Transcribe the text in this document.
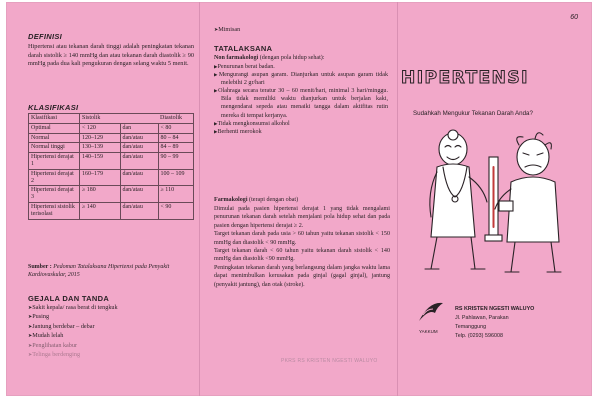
DEFINISI
Hipertensi atau tekanan darah tinggi adalah peningkatan tekanan darah sistolik ≥ 140 mmHg dan atau tekanan darah diastolik ≥ 90 mmHg pada dua kali pengukuran dengan selang waktu 5 menit.
KLASIFIKASI
Klasifikasi	Sistolik		Diastolik
Optimal	< 120	dan	< 80
Normal	120–129	dan/atau	80 – 84
Normal tinggi	130–139	dan/atau	84 – 89
Hipertensi derajat 1	140–159	dan/atau	90 – 99
Hipertensi derajat 2	160–179	dan/atau	100 – 109
Hipertensi derajat 3	≥ 180	dan/atau	≥ 110
Hipertensi sistolik terisolasi	≥ 140	dan/atau	< 90
Sumber : Pedoman Tatalaksana Hipertensi pada Penyakit Kardiovaskular, 2015
GEJALA DAN TANDA
➤ Sakit kepala/ rasa berat di tengkuk
➤ Pusing
➤ Jantung berdebar – debar
➤ Mudah lelah
➤ Penglihatan kabur
➤ Telinga berdenging
➤ Mimisan
TATALAKSANA
Non farmakologi (dengan pola hidup sehat):
▶ Penurunan berat badan.
▶ Mengurangi asupan garam. Dianjurkan untuk asupan garam tidak melebihi 2 gr/hari
▶ Olahraga secara teratur 30 – 60 menit/hari, minimal 3 hari/minggu. Bila tidak memiliki waktu dianjurkan untuk berjalan kaki, mengendarai sepeda atau menaiki tangga dalam aktifitas rutin mereka di tempat kerjanya.
▶ Tidak mengkonsumsi alkohol
▶ Berhenti merokok
Farmakologi (terapi dengan obat)
Dimulai pada pasien hipertensi derajat 1 yang tidak mengalami penurunan tekanan darah setelah menjalani pola hidup sehat dan pada pasien dengan hipertensi derajat ≥ 2.
Target tekanan darah pada usia > 60 tahun yaitu tekanan sistolik < 150 mmHg dan diastolik < 90 mmHg.
Target tekanan darah < 60 tahun yaitu tekanan darah sistolik < 140 mmHg dan diastolik <90 mmHg.
Peningkatan tekanan darah yang berlangsung dalam jangka waktu lama dapat menimbulkan kerusakan pada ginjal (gagal ginjal), jantung (penyakit jantung), dan otak (stroke).
PKRS RS KRISTEN NGESTI WALUYO
60
HIPERTENSI
Sudahkah Mengukur Tekanan Darah Anda?
YAKKUM
RS KRISTEN NGESTI WALUYO
Jl. Pahlawan, Parakan
Temanggung
Telp. (0293) 596008
